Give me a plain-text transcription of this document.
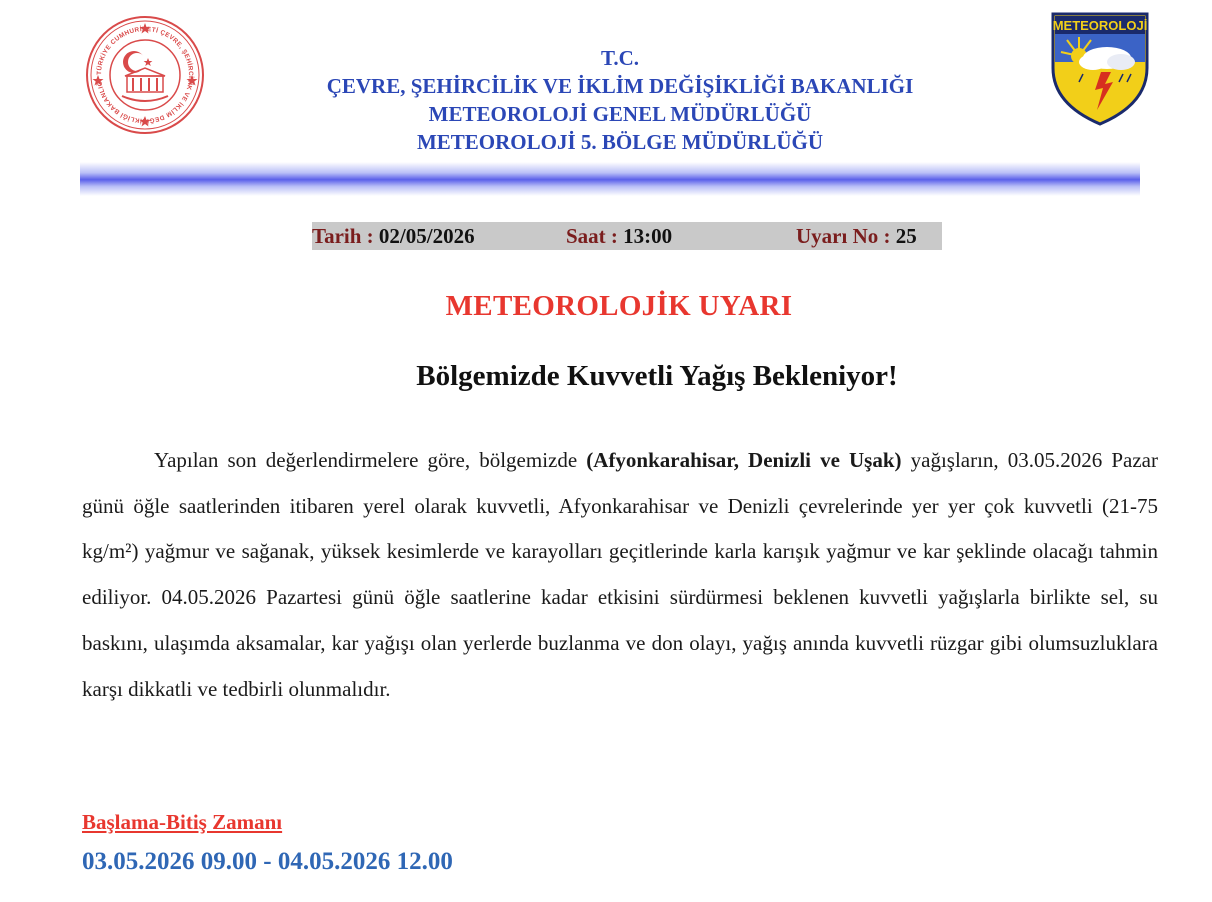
TÜRKİYE CUMHURİYETİ ÇEVRE, ŞEHİRCİLİK VE İKLİM DEĞİŞİKLİĞİ BAKANLIĞI
T.C.
ÇEVRE, ŞEHİRCİLİK VE İKLİM DEĞİŞİKLİĞİ BAKANLIĞI
METEOROLOJİ GENEL MÜDÜRLÜĞÜ
METEOROLOJİ 5. BÖLGE MÜDÜRLÜĞÜ
METEOROLOJİ
Tarih : 02/05/2026	Saat : 13:00	Uyarı No : 25
METEOROLOJİK UYARI
Bölgemizde Kuvvetli Yağış Bekleniyor!
Yapılan son değerlendirmelere göre, bölgemizde (Afyonkarahisar, Denizli ve Uşak) yağışların, 03.05.2026 Pazar günü öğle saatlerinden itibaren yerel olarak kuvvetli, Afyonkarahisar ve Denizli çevrelerinde yer yer çok kuvvetli (21-75 kg/m²) yağmur ve sağanak, yüksek kesimlerde ve karayolları geçitlerinde karla karışık yağmur ve kar şeklinde olacağı tahmin ediliyor. 04.05.2026 Pazartesi günü öğle saatlerine kadar etkisini sürdürmesi beklenen kuvvetli yağışlarla birlikte sel, su baskını, ulaşımda aksamalar, kar yağışı olan yerlerde buzlanma ve don olayı, yağış anında kuvvetli rüzgar gibi olumsuzluklara karşı dikkatli ve tedbirli olunmalıdır.
Başlama-Bitiş Zamanı
03.05.2026 09.00 - 04.05.2026 12.00
